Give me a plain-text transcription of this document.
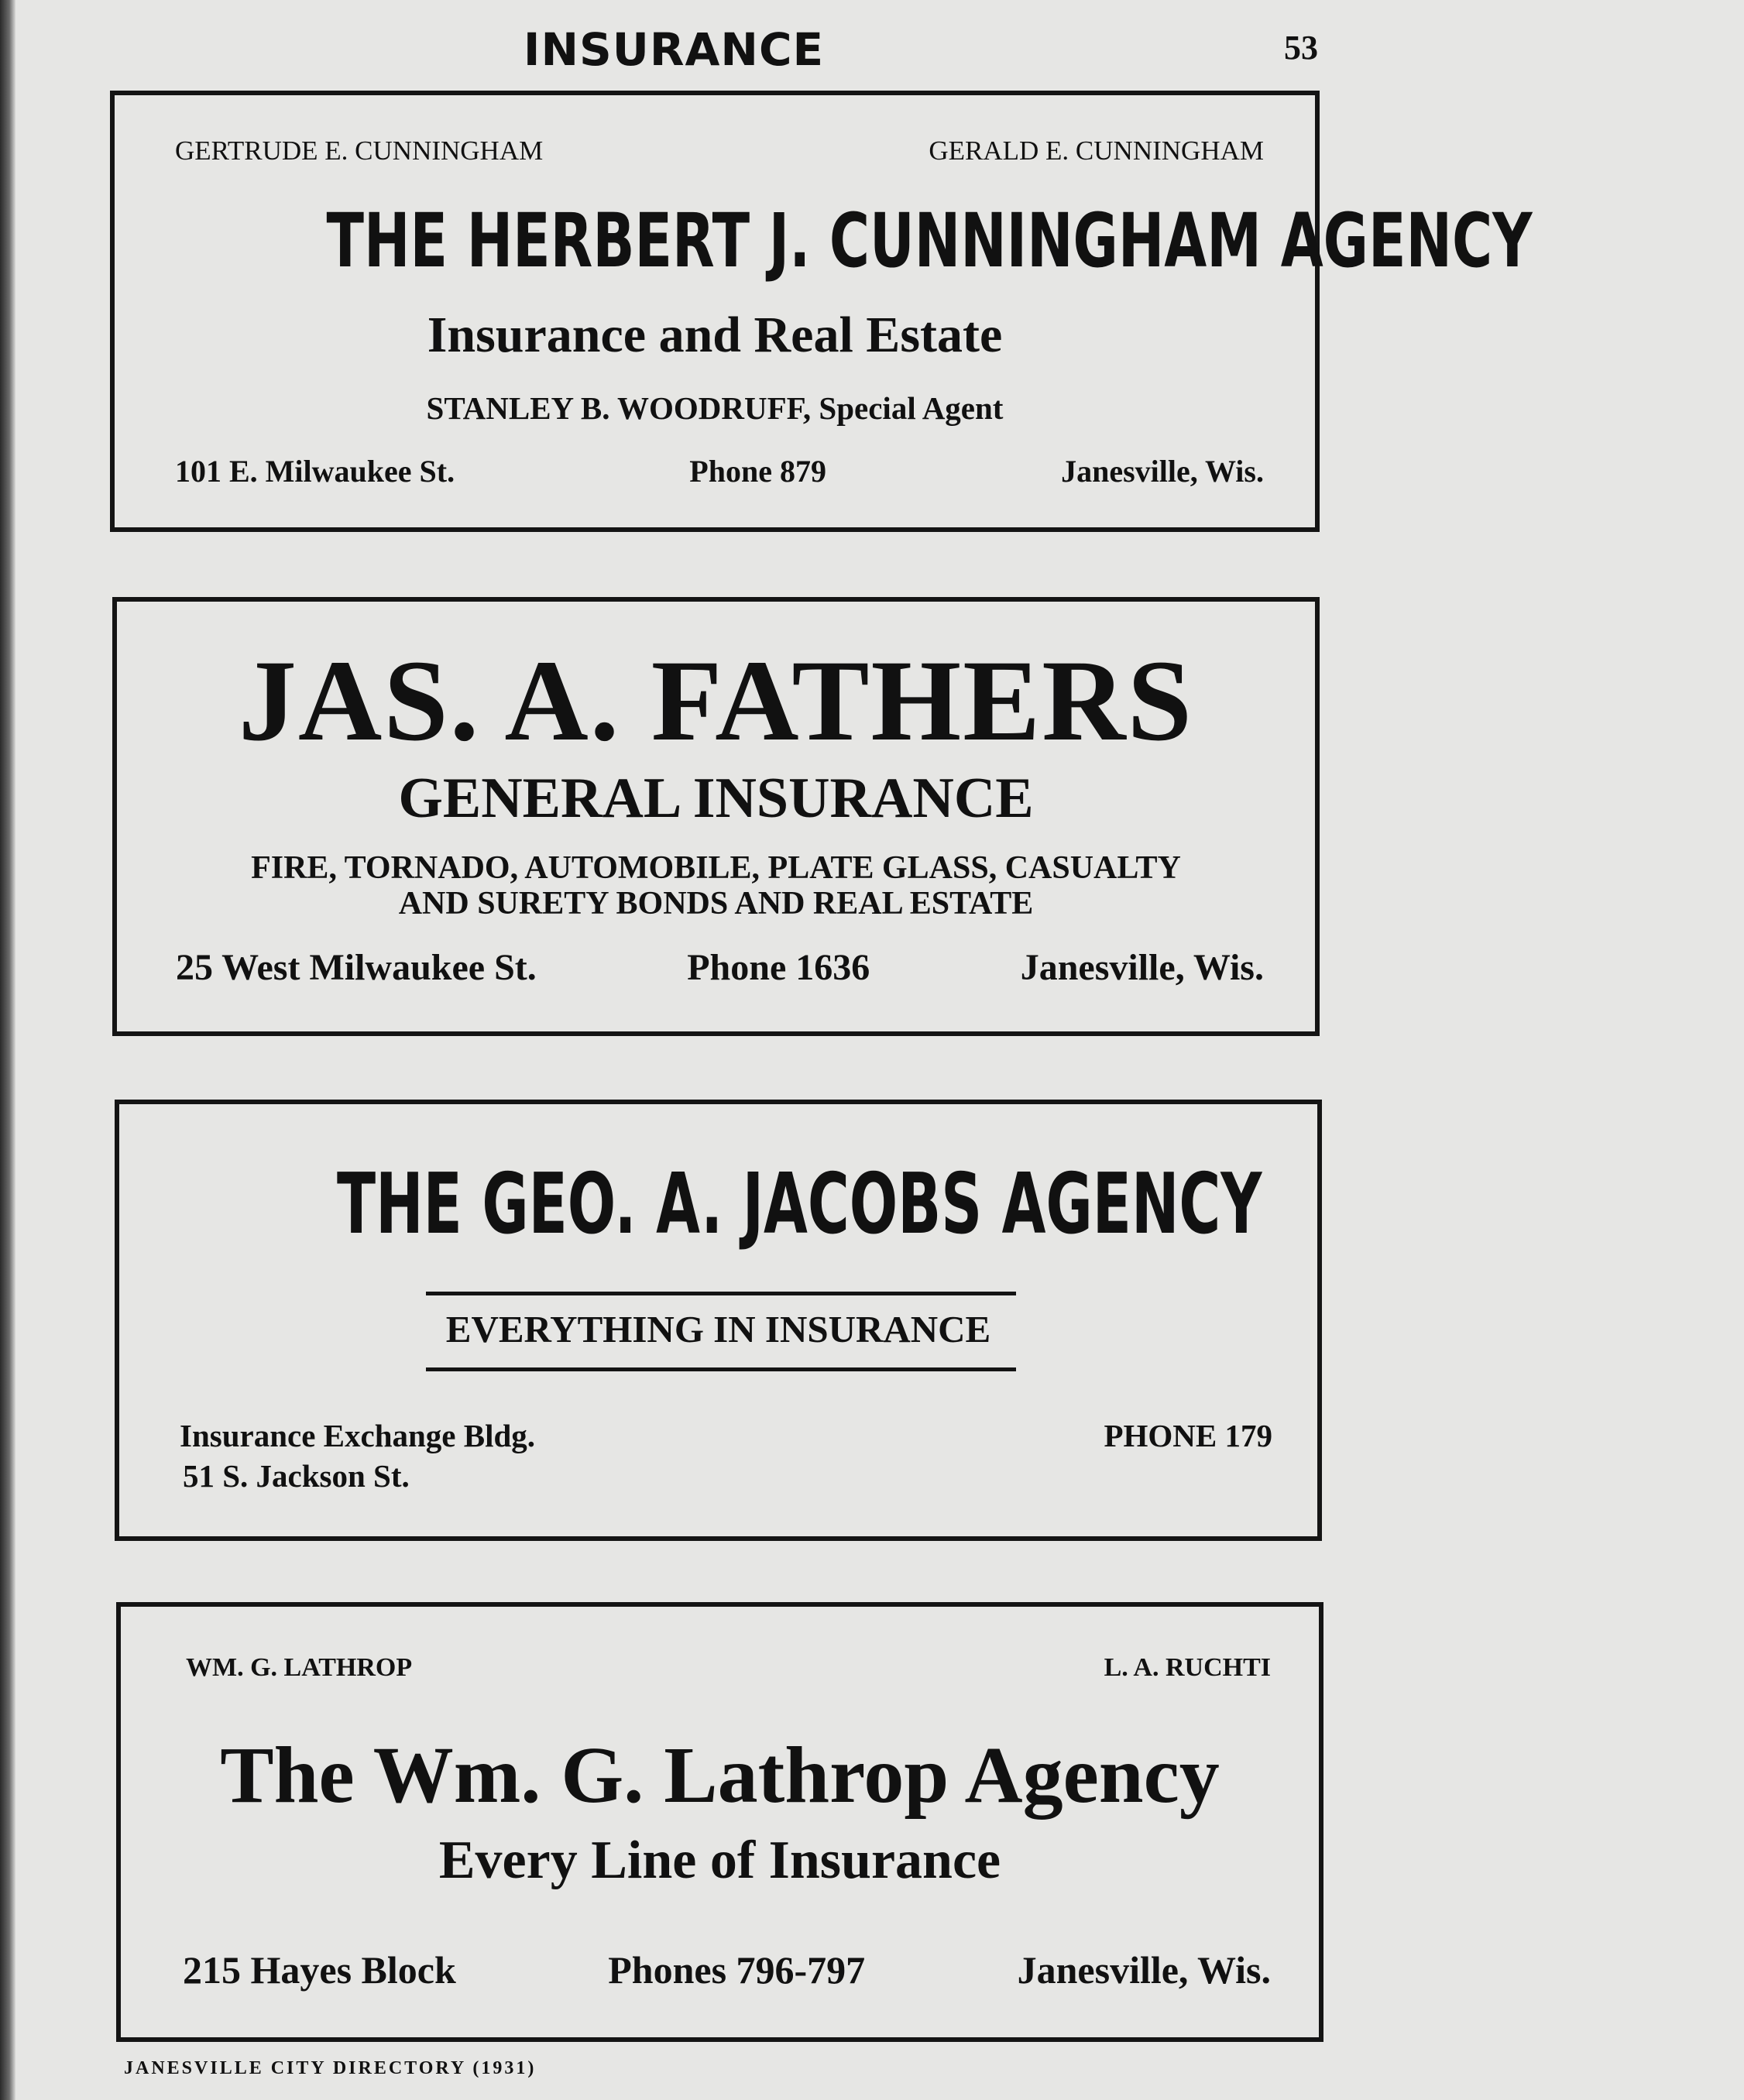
INSURANCE	53
GERTRUDE E. CUNNINGHAM	GERALD E. CUNNINGHAM
THE HERBERT J. CUNNINGHAM AGENCY
Insurance and Real Estate
STANLEY B. WOODRUFF, Special Agent
101 E. Milwaukee St.	Phone 879	Janesville, Wis.
JAS. A. FATHERS
GENERAL INSURANCE
FIRE, TORNADO, AUTOMOBILE, PLATE GLASS, CASUALTY
AND SURETY BONDS AND REAL ESTATE
25 West Milwaukee St.	Phone 1636	Janesville, Wis.
THE GEO. A. JACOBS AGENCY
EVERYTHING IN INSURANCE
Insurance Exchange Bldg.	PHONE 179
51 S. Jackson St.
WM. G. LATHROP	L. A. RUCHTI
The Wm. G. Lathrop Agency
Every Line of Insurance
215 Hayes Block	Phones 796-797	Janesville, Wis.
JANESVILLE CITY DIRECTORY (1931)
